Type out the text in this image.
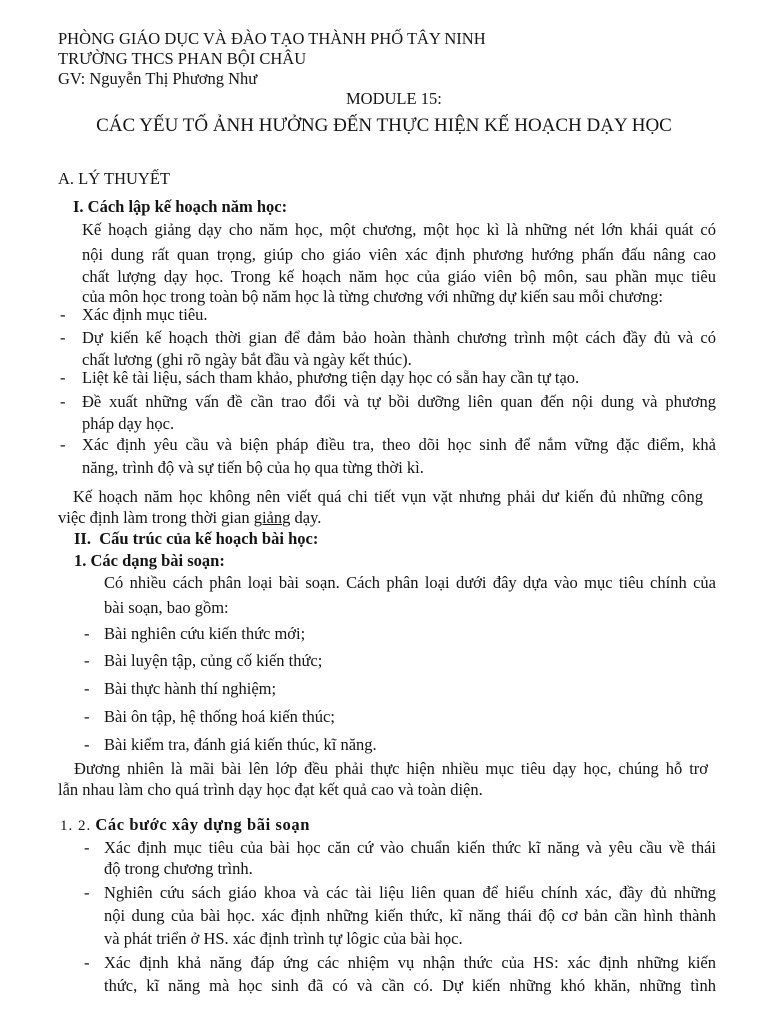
PHÒNG GIÁO DỤC VÀ ĐÀO TẠO THÀNH PHỐ TÂY NINH
TRƯỜNG THCS PHAN BỘI CHÂU
GV: Nguyễn Thị Phương Như
MODULE 15:
CÁC YẾU TỐ ẢNH HƯỞNG ĐẾN THỰC HIỆN KẾ HOẠCH DẠY HỌC
A. LÝ THUYẾT
I. Cách lập kế hoạch năm học:
Kế hoạch giảng dạy cho năm học, một chương, một học kì là những nét lớn khái quát có
nội dung rất quan trọng, giúp cho giáo viên xác định phương hướng phấn đấu nâng cao
chất lượng dạy học. Trong kế hoạch năm học của giáo viên bộ môn, sau phần mục tiêu
của môn học trong toàn bộ năm học là từng chương với những dự kiến sau mỗi chương:
- Xác định mục tiêu.
- Dự kiến kế hoạch thời gian để đảm bảo hoàn thành chương trình một cách đầy đủ và có
chất lương (ghi rõ ngày bắt đầu và ngày kết thúc).
- Liệt kê tài liệu, sách tham khảo, phương tiện dạy học có sẵn hay cần tự tạo.
- Đề xuất những vấn đề cần trao đổi và tự bồi dưỡng liên quan đến nội dung và phương
pháp dạy học.
- Xác định yêu cầu và biện pháp điều tra, theo dõi học sinh để nắm vững đặc điểm, khả
năng, trình độ và sự tiến bộ của họ qua từng thời kì.
Kế hoạch năm học không nên viết quá chi tiết vụn vặt nhưng phải dư kiến đủ những công
việc định làm trong thời gian giảng dạy.
II. Cấu trúc của kế hoạch bài học:
1. Các dạng bài soạn:
Có nhiều cách phân loại bài soạn. Cách phân loại dưới đây dựa vào mục tiêu chính của
bài soạn, bao gồm:
- Bài nghiên cứu kiến thức mới;
- Bài luyện tập, củng cố kiến thức;
- Bài thực hành thí nghiệm;
- Bài ôn tập, hệ thống hoá kiến thúc;
- Bài kiểm tra, đánh giá kiến thúc, kĩ năng.
Đương nhiên là mãi bài lên lớp đều phải thực hiện nhiều mục tiêu dạy học, chúng hỗ trơ
lẫn nhau làm cho quá trình dạy học đạt kết quả cao và toàn diện.
1. 2. Các bước xây dựng bãi soạn
- Xác định mục tiêu của bài học căn cứ vào chuẩn kiến thức kĩ năng và yêu cầu về thái
độ trong chương trình.
- Nghiên cứu sách giáo khoa và các tài liệu liên quan để hiểu chính xác, đầy đủ những
nội dung của bài học. xác định những kiến thức, kĩ năng thái độ cơ bản cần hình thành
và phát triển ở HS. xác định trình tự lôgic của bài học.
- Xác định khả năng đáp ứng các nhiệm vụ nhận thức của HS: xác định những kiến
thức, kĩ năng mà học sinh đã có và cần có. Dự kiến những khó khăn, những tình
